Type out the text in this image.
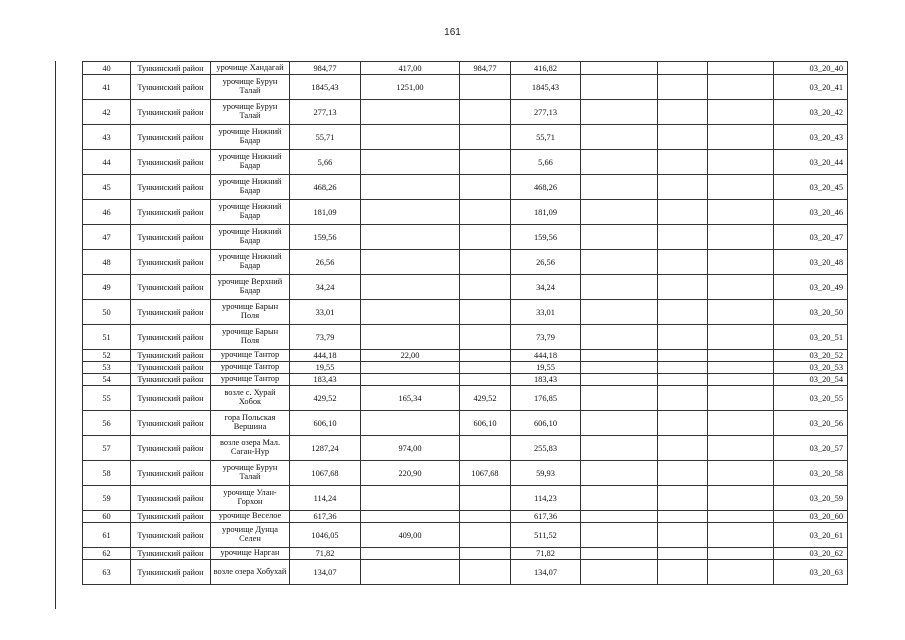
161
40	Тункинский район	урочище Хандагай	984,77	417,00	984,77	416,82				03_20_40
41	Тункинский район	урочище Бурун Талай	1845,43	1251,00		1845,43				03_20_41
42	Тункинский район	урочище Бурун Талай	277,13			277,13				03_20_42
43	Тункинский район	урочище Нижний Бадар	55,71			55,71				03_20_43
44	Тункинский район	урочище Нижний Бадар	5,66			5,66				03_20_44
45	Тункинский район	урочище Нижний Бадар	468,26			468,26				03_20_45
46	Тункинский район	урочище Нижний Бадар	181,09			181,09				03_20_46
47	Тункинский район	урочище Нижний Бадар	159,56			159,56				03_20_47
48	Тункинский район	урочище Нижний Бадар	26,56			26,56				03_20_48
49	Тункинский район	урочище Верхний Бадар	34,24			34,24				03_20_49
50	Тункинский район	урочище Барын Поля	33,01			33,01				03_20_50
51	Тункинский район	урочище Барын Поля	73,79			73,79				03_20_51
52	Тункинский район	урочище Тантор	444,18	22,00		444,18				03_20_52
53	Тункинский район	урочище Тантор	19,55			19,55				03_20_53
54	Тункинский район	урочище Тантор	183,43			183,43				03_20_54
55	Тункинский район	возле с. Хурай Хобок	429,52	165,34	429,52	176,85				03_20_55
56	Тункинский район	гора Польская Вершина	606,10		606,10	606,10				03_20_56
57	Тункинский район	возле озера Мал. Саган-Нур	1287,24	974,00		255,83				03_20_57
58	Тункинский район	урочище Бурун Талай	1067,68	220,90	1067,68	59,93				03_20_58
59	Тункинский район	урочище Улан-Горхон	114,24			114,23				03_20_59
60	Тункинский район	урочище Веселое	617,36			617,36				03_20_60
61	Тункинский район	урочище Дунца Селен	1046,05	409,00		511,52				03_20_61
62	Тункинский район	урочище Нарган	71,82			71,82				03_20_62
63	Тункинский район	возле озера Хобухай	134,07			134,07				03_20_63
